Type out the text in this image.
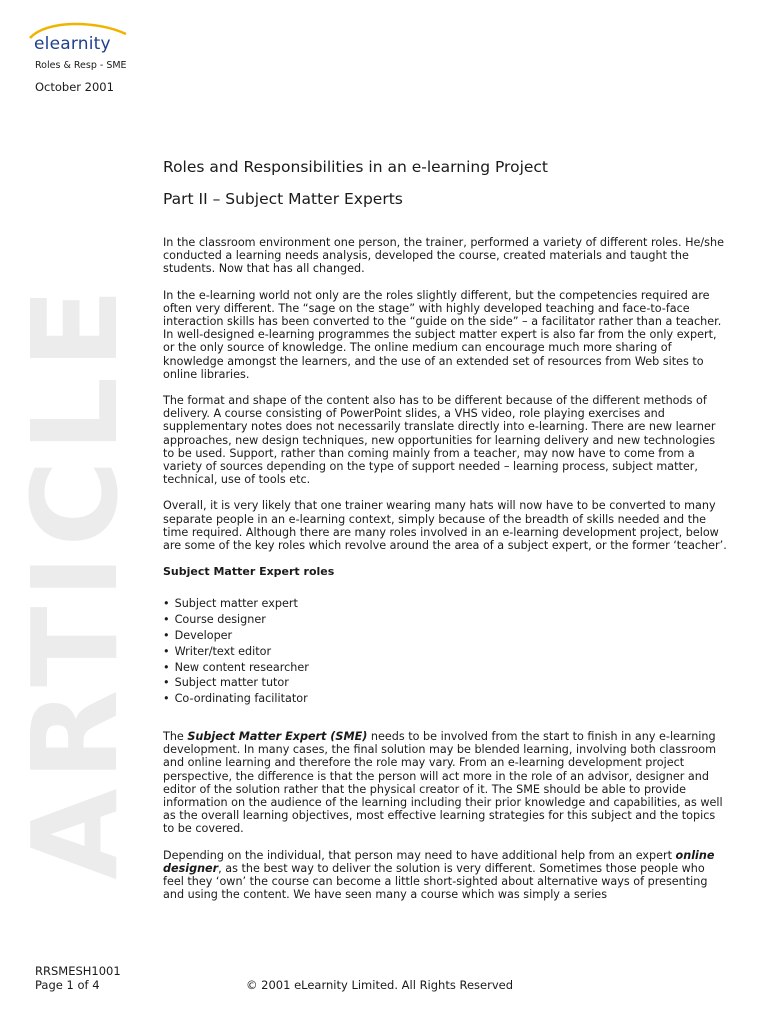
elearnity
Roles & Resp - SME
October 2001
ARTICLE
Roles and Responsibilities in an e-learning Project
Part II – Subject Matter Experts

In the classroom environment one person, the trainer, performed a variety of different roles. He/she conducted a learning needs analysis, developed the course, created materials and taught the students. Now that has all changed.

In the e-learning world not only are the roles slightly different, but the competencies required are often very different. The “sage on the stage” with highly developed teaching and face-to-face interaction skills has been converted to the “guide on the side” – a facilitator rather than a teacher. In well-designed e-learning programmes the subject matter expert is also far from the only expert, or the only source of knowledge. The online medium can encourage much more sharing of knowledge amongst the learners, and the use of an extended set of resources from Web sites to online libraries.

The format and shape of the content also has to be different because of the different methods of delivery. A course consisting of PowerPoint slides, a VHS video, role playing exercises and supplementary notes does not necessarily translate directly into e-learning. There are new learner approaches, new design techniques, new opportunities for learning delivery and new technologies to be used. Support, rather than coming mainly from a teacher, may now have to come from a variety of sources depending on the type of support needed – learning process, subject matter, technical, use of tools etc.

Overall, it is very likely that one trainer wearing many hats will now have to be converted to many separate people in an e-learning context, simply because of the breadth of skills needed and the time required. Although there are many roles involved in an e-learning development project, below are some of the key roles which revolve around the area of a subject expert, or the former ‘teacher’.

Subject Matter Expert roles

• Subject matter expert
• Course designer
• Developer
• Writer/text editor
• New content researcher
• Subject matter tutor
• Co-ordinating facilitator

The Subject Matter Expert (SME) needs to be involved from the start to finish in any e-learning development. In many cases, the final solution may be blended learning, involving both classroom and online learning and therefore the role may vary. From an e-learning development project perspective, the difference is that the person will act more in the role of an advisor, designer and editor of the solution rather that the physical creator of it. The SME should be able to provide information on the audience of the learning including their prior knowledge and capabilities, as well as the overall learning objectives, most effective learning strategies for this subject and the topics to be covered.

Depending on the individual, that person may need to have additional help from an expert online designer, as the best way to deliver the solution is very different. Sometimes those people who feel they ‘own’ the course can become a little short-sighted about alternative ways of presenting and using the content. We have seen many a course which was simply a series

RRSMESH1001
Page 1 of 4	© 2001 eLearnity Limited. All Rights Reserved
